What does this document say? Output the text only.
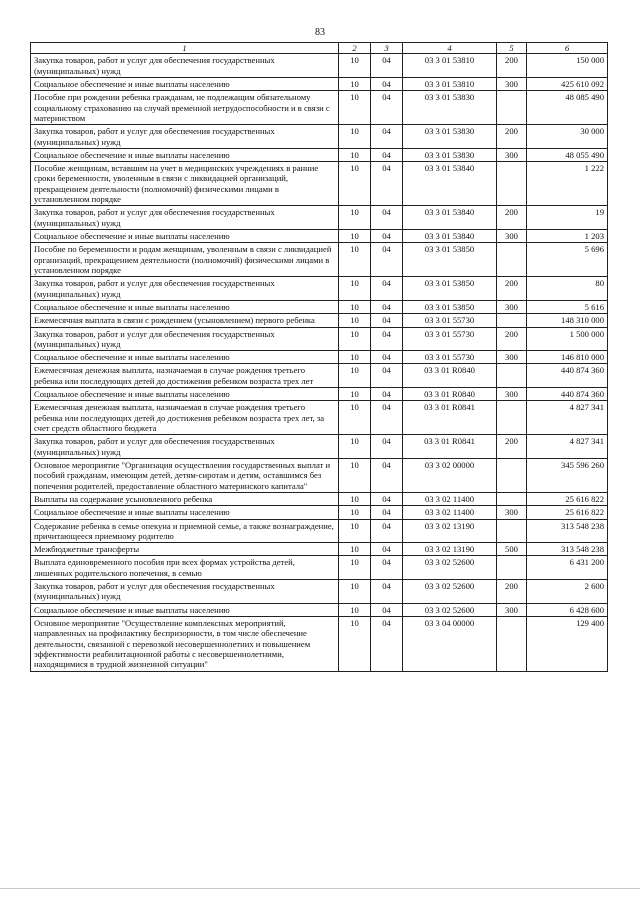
83
1	2	3	4	5	6
Закупка товаров, работ и услуг для обеспечения государственных (муниципальных) нужд	10	04	03 3 01 53810	200	150 000
Социальное обеспечение и иные выплаты населению	10	04	03 3 01 53810	300	425 610 092
Пособие при рождении ребенка гражданам, не подлежащим обязательному социальному страхованию на случай временной нетрудоспособности и в связи с материнством	10	04	03 3 01 53830		48 085 490
Закупка товаров, работ и услуг для обеспечения государственных (муниципальных) нужд	10	04	03 3 01 53830	200	30 000
Социальное обеспечение и иные выплаты населению	10	04	03 3 01 53830	300	48 055 490
Пособие женщинам, вставшим на учет в медицинских учреждениях в ранние сроки беременности, уволенным в связи с ликвидацией организаций, прекращением деятельности (полномочий) физическими лицами в установленном порядке	10	04	03 3 01 53840		1 222
Закупка товаров, работ и услуг для обеспечения государственных (муниципальных) нужд	10	04	03 3 01 53840	200	19
Социальное обеспечение и иные выплаты населению	10	04	03 3 01 53840	300	1 203
Пособие по беременности и родам женщинам, уволенным в связи с ликвидацией организаций, прекращением деятельности (полномочий) физическими лицами в установленном порядке	10	04	03 3 01 53850		5 696
Закупка товаров, работ и услуг для обеспечения государственных (муниципальных) нужд	10	04	03 3 01 53850	200	80
Социальное обеспечение и иные выплаты населению	10	04	03 3 01 53850	300	5 616
Ежемесячная выплата в связи с рождением (усыновлением) первого ребенка	10	04	03 3 01 55730		148 310 000
Закупка товаров, работ и услуг для обеспечения государственных (муниципальных) нужд	10	04	03 3 01 55730	200	1 500 000
Социальное обеспечение и иные выплаты населению	10	04	03 3 01 55730	300	146 810 000
Ежемесячная денежная выплата, назначаемая в случае рождения третьего ребенка или последующих детей до достижения ребенком возраста трех лет	10	04	03 3 01 R0840		440 874 360
Социальное обеспечение и иные выплаты населению	10	04	03 3 01 R0840	300	440 874 360
Ежемесячная денежная выплата, назначаемая в случае рождения третьего ребенка или последующих детей до достижения ребенком возраста трех лет, за счет средств областного бюджета	10	04	03 3 01 R0841		4 827 341
Закупка товаров, работ и услуг для обеспечения государственных (муниципальных) нужд	10	04	03 3 01 R0841	200	4 827 341
Основное мероприятие "Организация осуществления государственных выплат и пособий гражданам, имеющим детей, детям-сиротам и детям, оставшимся без попечения родителей, предоставление областного материнского капитала"	10	04	03 3 02 00000		345 596 260
Выплаты на содержание усыновленного ребенка	10	04	03 3 02 11400		25 616 822
Социальное обеспечение и иные выплаты населению	10	04	03 3 02 11400	300	25 616 822
Содержание ребенка в семье опекуна и приемной семье, а также вознаграждение, причитающееся приемному родителю	10	04	03 3 02 13190		313 548 238
Межбюджетные трансферты	10	04	03 3 02 13190	500	313 548 238
Выплата единовременного пособия при всех формах устройства детей, лишенных родительского попечения, в семью	10	04	03 3 02 52600		6 431 200
Закупка товаров, работ и услуг для обеспечения государственных (муниципальных) нужд	10	04	03 3 02 52600	200	2 600
Социальное обеспечение и иные выплаты населению	10	04	03 3 02 52600	300	6 428 600
Основное мероприятие "Осуществление комплексных мероприятий, направленных на профилактику беспризорности, в том числе обеспечение деятельности, связанной с перевозкой несовершеннолетних и повышением эффективности реабилитационной работы с несовершеннолетними, находящимися в трудной жизненной ситуации"	10	04	03 3 04 00000		129 400
